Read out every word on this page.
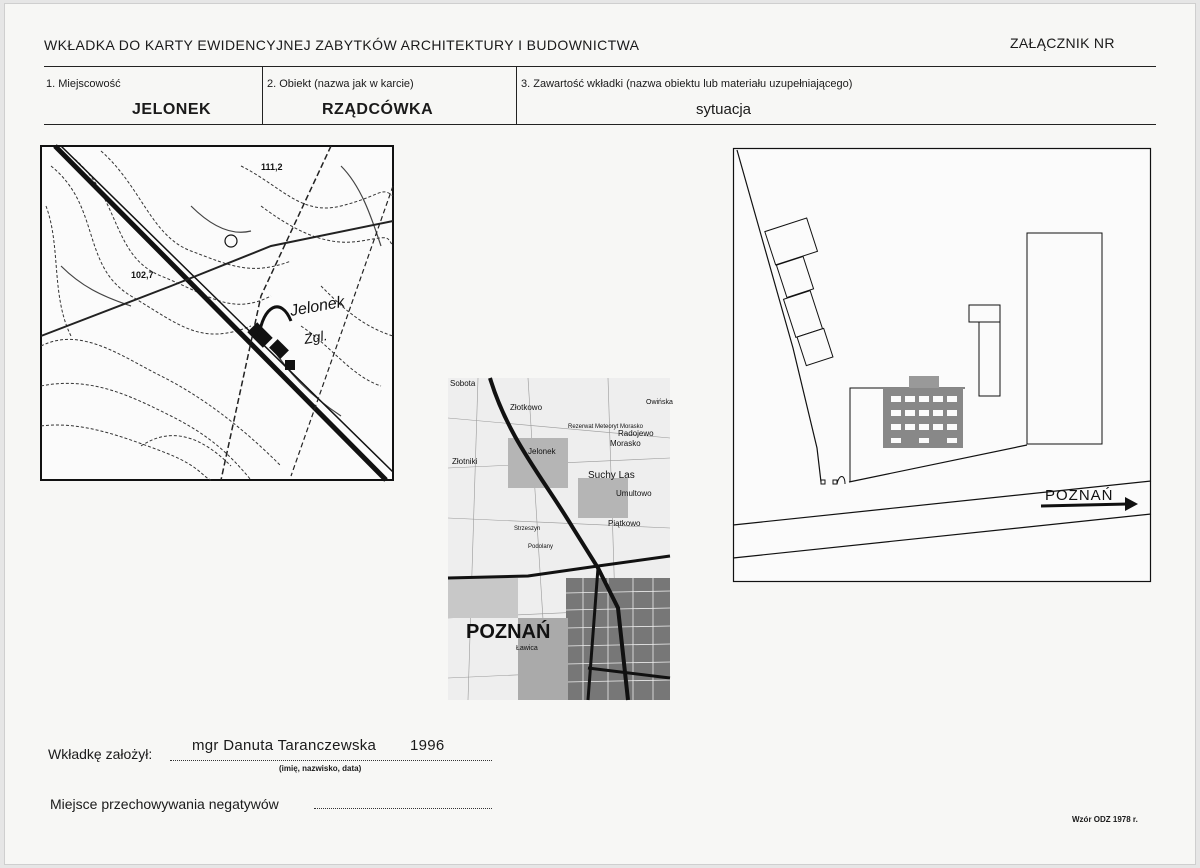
WKŁADKA DO KARTY EWIDENCYJNEJ ZABYTKÓW ARCHITEKTURY I BUDOWNICTWA	ZAŁĄCZNIK NR
1. Miejscowość
JELONEK
2. Obiekt (nazwa jak w karcie)
RZĄDCÓWKA
3. Zawartość wkładki (nazwa obiektu lub materiału uzupełniającego)
sytuacja
111,2
102,7
Jelonek
Zgl.
Sobota
Złotkowo
Rezerwat Meteoryt Morasko
Radojewo
Morasko
Jelonek
Złotniki
Suchy Las
Umultowo
Piątkowo
Podolany
Strzeszyn
Ławica
Owińska
POZNAŃ
POZNAŃ
Wkładkę założył:	mgr Danuta Taranczewska 1996
(imię, nazwisko, data)
Miejsce przechowywania negatywów
Wzór ODZ 1978 r.
